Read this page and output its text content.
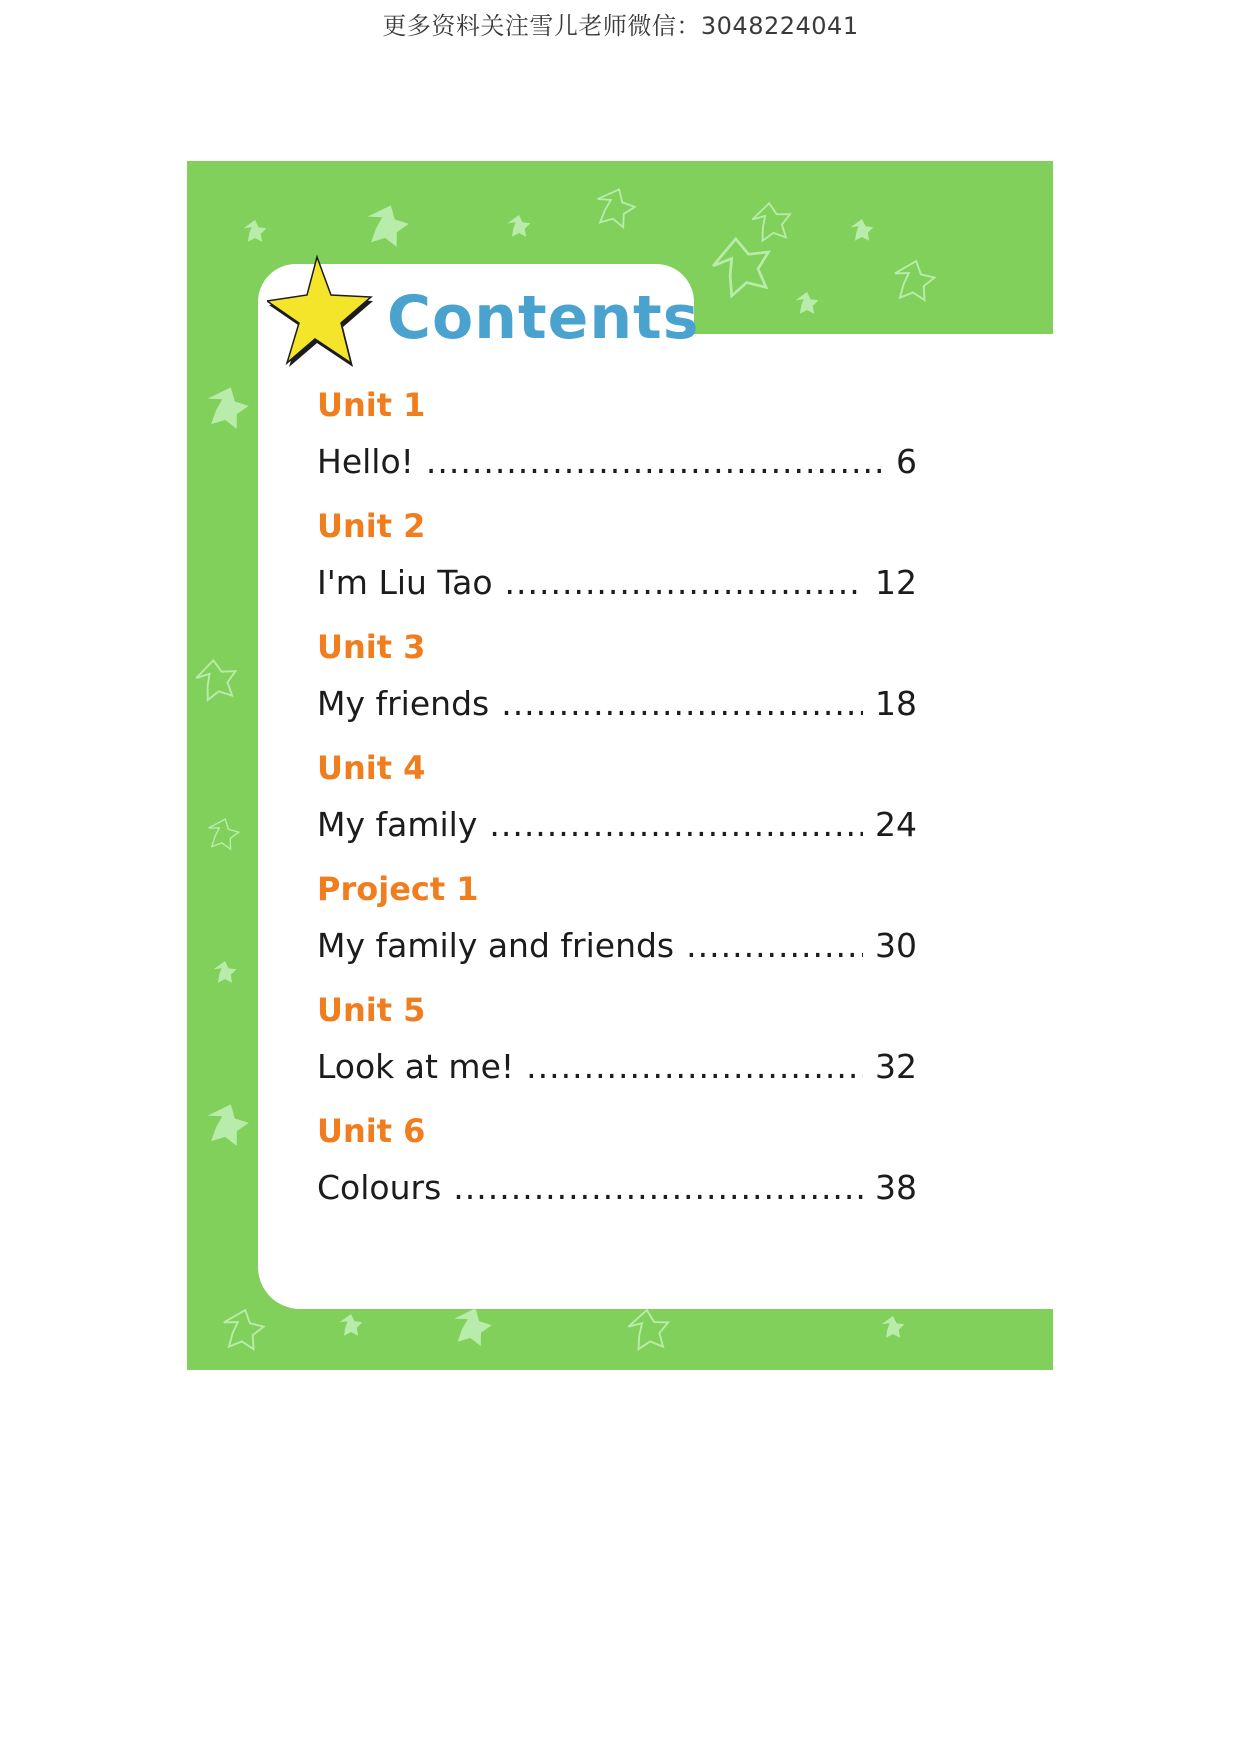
更多资料关注雪儿老师微信：3048224041
Contents
Unit 1
Hello! .....	6
Unit 2
I'm Liu Tao .....	12
Unit 3
My friends .....	18
Unit 4
My family .....	24
Project 1
My family and friends .....	30
Unit 5
Look at me! .....	32
Unit 6
Colours .....	38
